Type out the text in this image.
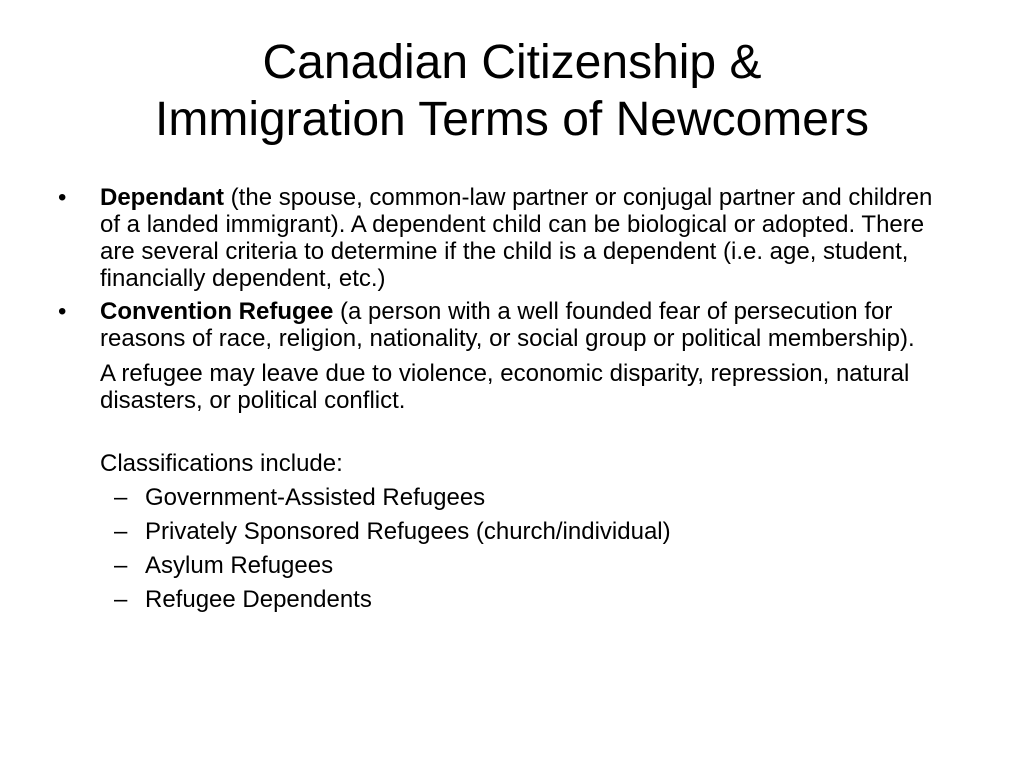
Canadian Citizenship &
Immigration Terms of Newcomers
•	Dependant (the spouse, common-law partner or conjugal partner and children of a landed immigrant). A dependent child can be biological or adopted. There are several criteria to determine if the child is a dependent (i.e. age, student, financially dependent, etc.)
•	Convention Refugee (a person with a well founded fear of persecution for reasons of race, religion, nationality, or social group or political membership).
A refugee may leave due to violence, economic disparity, repression, natural disasters, or political conflict.
Classifications include:
– Government-Assisted Refugees
– Privately Sponsored Refugees (church/individual)
– Asylum Refugees
– Refugee Dependents
